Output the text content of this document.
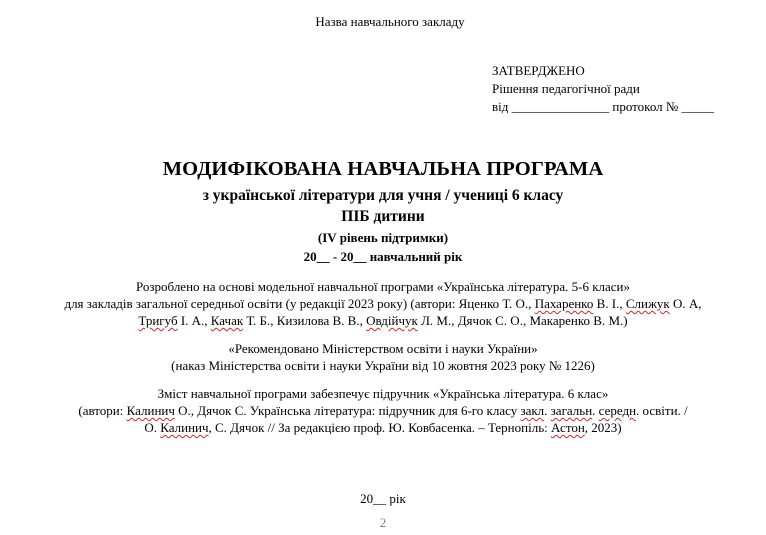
Назва навчального закладу
ЗАТВЕРДЖЕНО
Рішення педагогічної ради
від _______________ протокол № _____
МОДИФІКОВАНА НАВЧАЛЬНА ПРОГРАМА
з української літератури для учня / учениці 6 класу
ПІБ дитини
(IV рівень підтримки)
20__ - 20__ навчальний рік
Розроблено на основі модельної навчальної програми «Українська література. 5-6 класи»
для закладів загальної середньої освіти (у редакції 2023 року) (автори: Яценко Т. О., Пахаренко В. І., Слижук О. А,
Тригуб І. А., Качак Т. Б., Кизилова В. В., Овдійчук Л. М., Дячок С. О., Макаренко В. М.)
«Рекомендовано Міністерством освіти і науки України»
(наказ Міністерства освіти і науки України від 10 жовтня 2023 року № 1226)
Зміст навчальної програми забезпечує підручник «Українська література. 6 клас»
(автори: Калинич О., Дячок С. Українська література: підручник для 6-го класу закл. загальн. середн. освіти. /
О. Калинич, С. Дячок // За редакцією проф. Ю. Ковбасенка. – Тернопіль: Астон, 2023)
20__ рік
2
